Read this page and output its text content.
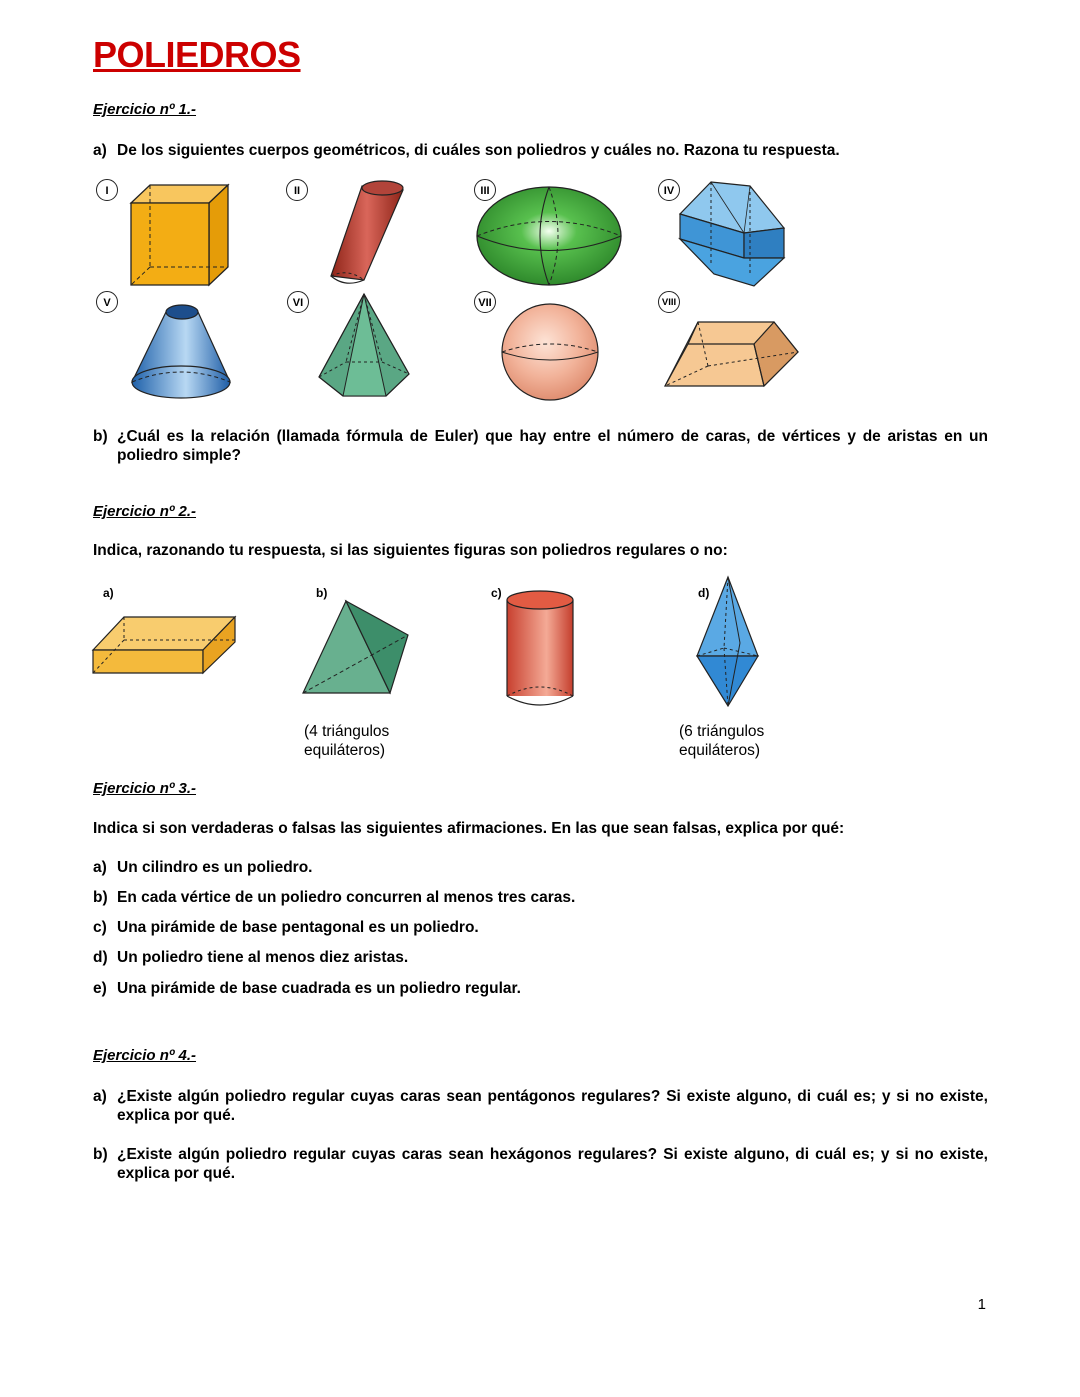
POLIEDROS
Ejercicio nº 1.-
a) De los siguientes cuerpos geométricos, di cuáles son poliedros y cuáles no. Razona tu respuesta.
I	II	III	IV
V	VI	VII	VIII
b) ¿Cuál es la relación (llamada fórmula de Euler) que hay entre el número de caras, de vértices y de aristas en un poliedro simple?
Ejercicio nº 2.-
Indica, razonando tu respuesta, si las siguientes figuras son poliedros regulares o no:
a)	b)	c)	d)
(4 triángulos
equiláteros)
(6 triángulos
equiláteros)
Ejercicio nº 3.-
Indica si son verdaderas o falsas las siguientes afirmaciones. En las que sean falsas, explica por qué:
a) Un cilindro es un poliedro.
b) En cada vértice de un poliedro concurren al menos tres caras.
c) Una pirámide de base pentagonal es un poliedro.
d) Un poliedro tiene al menos diez aristas.
e) Una pirámide de base cuadrada es un poliedro regular.
Ejercicio nº 4.-
a) ¿Existe algún poliedro regular cuyas caras sean pentágonos regulares? Si existe alguno, di cuál es; y si no existe, explica por qué.
b) ¿Existe algún poliedro regular cuyas caras sean hexágonos regulares? Si existe alguno, di cuál es; y si no existe, explica por qué.
1
